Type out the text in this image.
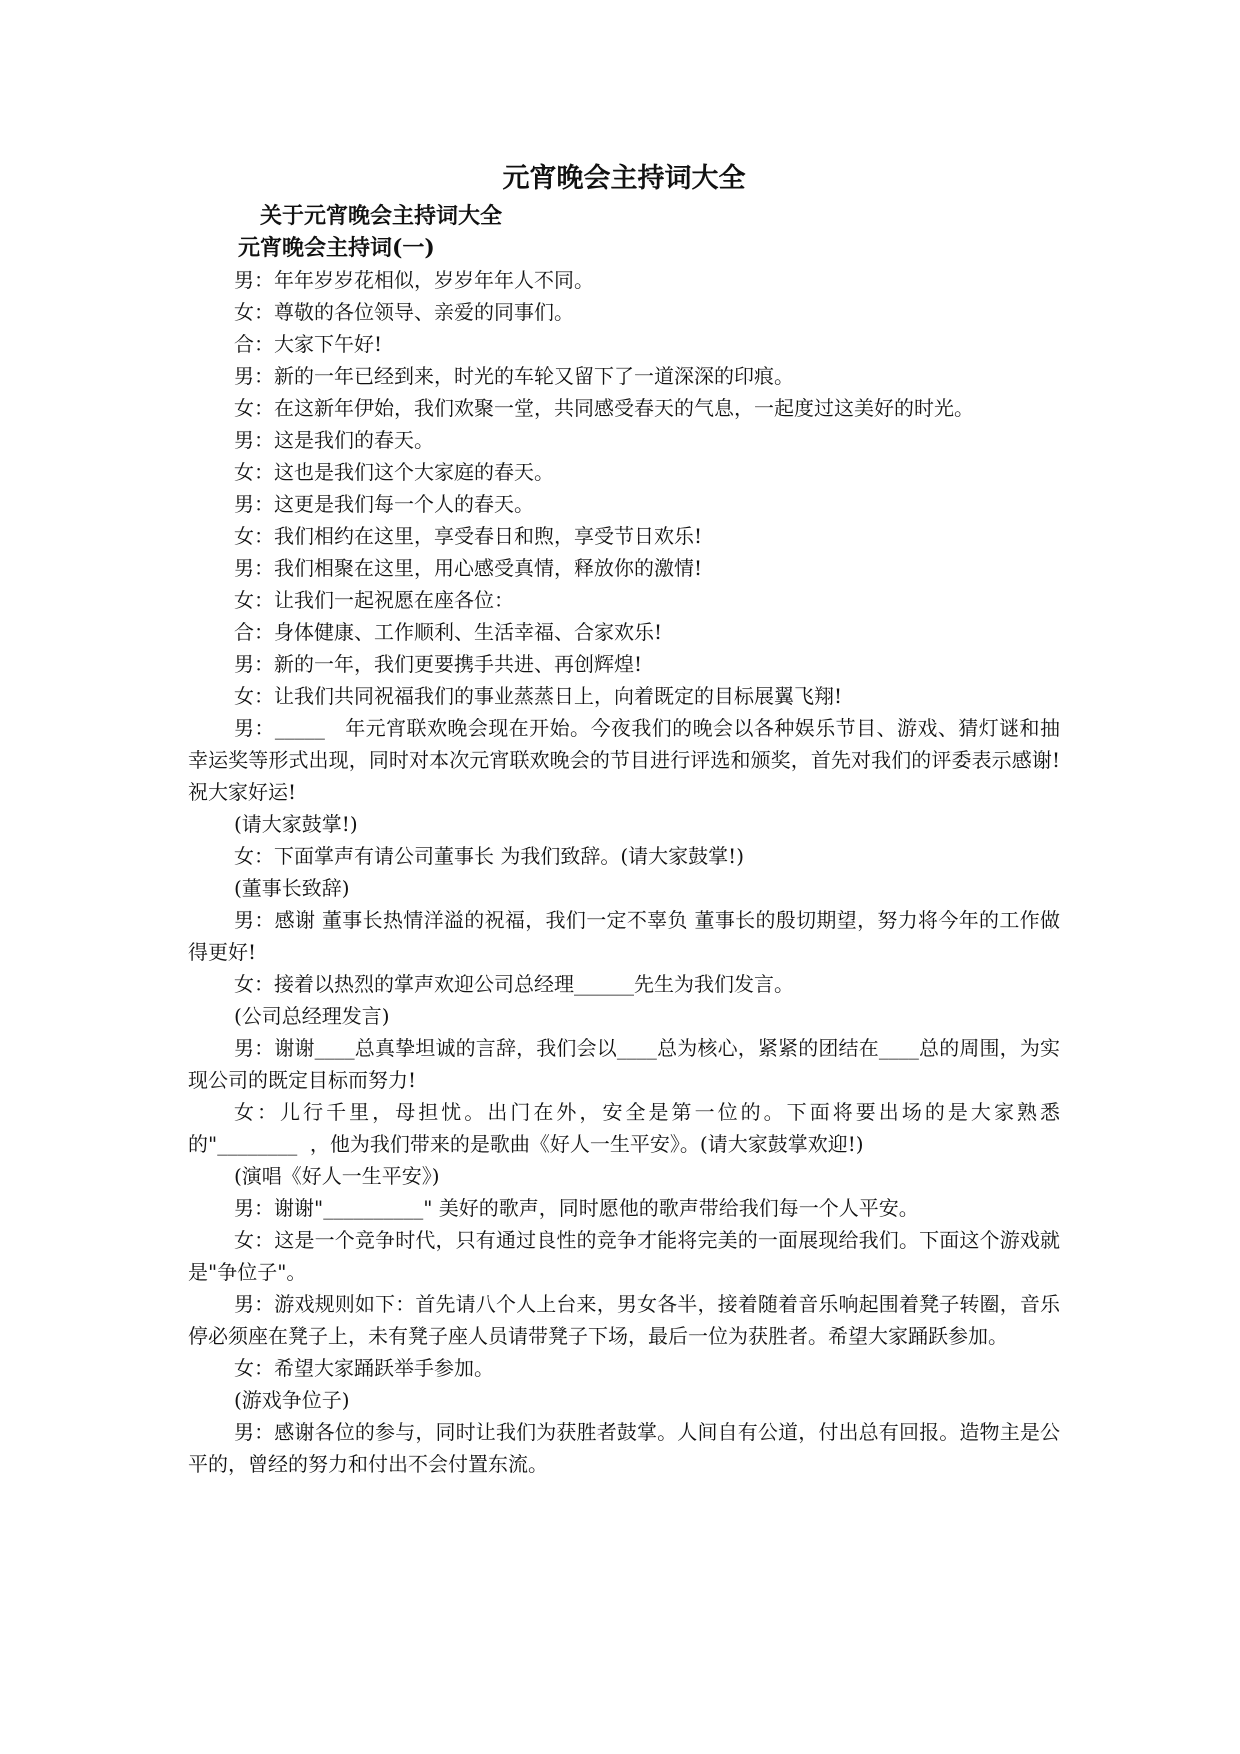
元宵晚会主持词大全
关于元宵晚会主持词大全
元宵晚会主持词(一)

男：年年岁岁花相似，岁岁年年人不同。

女：尊敬的各位领导、亲爱的同事们。

合：大家下午好!

男：新的一年已经到来，时光的车轮又留下了一道深深的印痕。

女：在这新年伊始，我们欢聚一堂，共同感受春天的气息，一起度过这美好的时光。

男：这是我们的春天。

女：这也是我们这个大家庭的春天。

男：这更是我们每一个人的春天。

女：我们相约在这里，享受春日和煦，享受节日欢乐!

男：我们相聚在这里，用心感受真情，释放你的激情!

女：让我们一起祝愿在座各位：

合：身体健康、工作顺利、生活幸福、合家欢乐!

男：新的一年，我们更要携手共进、再创辉煌!

女：让我们共同祝福我们的事业蒸蒸日上，向着既定的目标展翼飞翔!

男：_____   年元宵联欢晚会现在开始。今夜我们的晚会以各种娱乐节目、游戏、猜灯谜和抽幸运奖等形式出现，同时对本次元宵联欢晚会的节目进行评选和颁奖，首先对我们的评委表示感谢!祝大家好运!

(请大家鼓掌!)

女：下面掌声有请公司董事长 为我们致辞。(请大家鼓掌!)

(董事长致辞)

男：感谢 董事长热情洋溢的祝福，我们一定不辜负 董事长的殷切期望，努力将今年的工作做得更好!

女：接着以热烈的掌声欢迎公司总经理______先生为我们发言。

(公司总经理发言)

男：谢谢____总真挚坦诚的言辞，我们会以____总为核心，紧紧的团结在____总的周围，为实现公司的既定目标而努力!

女：儿行千里，母担忧。出门在外，安全是第一位的。下面将要出场的是大家熟悉的"________  ，他为我们带来的是歌曲《好人一生平安》。(请大家鼓掌欢迎!)

(演唱《好人一生平安》)

男：谢谢"__________" 美好的歌声，同时愿他的歌声带给我们每一个人平安。

女：这是一个竞争时代，只有通过良性的竞争才能将完美的一面展现给我们。下面这个游戏就是"争位子"。

男：游戏规则如下：首先请八个人上台来，男女各半，接着随着音乐响起围着凳子转圈，音乐停必须座在凳子上，未有凳子座人员请带凳子下场，最后一位为获胜者。希望大家踊跃参加。

女：希望大家踊跃举手参加。

(游戏争位子)

男：感谢各位的参与，同时让我们为获胜者鼓掌。人间自有公道，付出总有回报。造物主是公平的，曾经的努力和付出不会付置东流。
